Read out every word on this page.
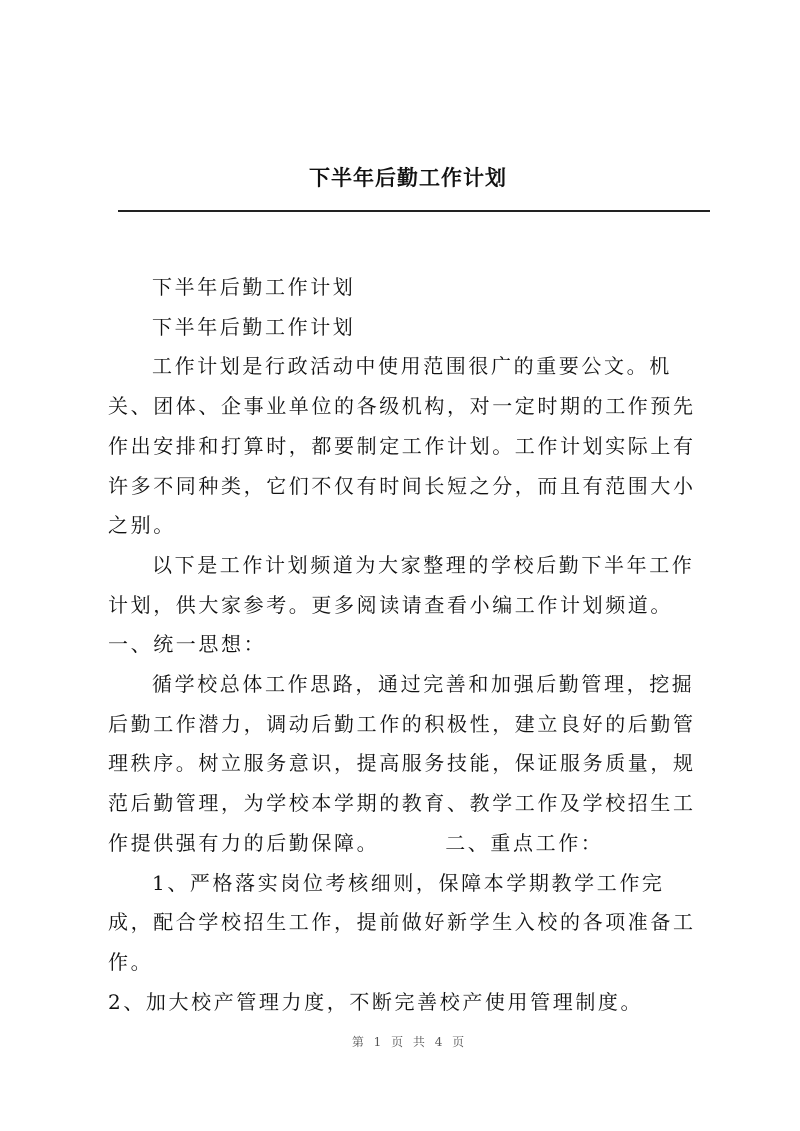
下半年后勤工作计划

下半年后勤工作计划

下半年后勤工作计划

工作计划是行政活动中使用范围很广的重要公文。机关、团体、企事业单位的各级机构，对一定时期的工作预先作出安排和打算时，都要制定工作计划。工作计划实际上有许多不同种类，它们不仅有时间长短之分，而且有范围大小之别。

以下是工作计划频道为大家整理的学校后勤下半年工作计划，供大家参考。更多阅读请查看小编工作计划频道。

一、统一思想：

循学校总体工作思路，通过完善和加强后勤管理，挖掘后勤工作潜力，调动后勤工作的积极性，建立良好的后勤管理秩序。树立服务意识，提高服务技能，保证服务质量，规范后勤管理，为学校本学期的教育、教学工作及学校招生工作提供强有力的后勤保障。	二、重点工作：

1、严格落实岗位考核细则，保障本学期教学工作完成，配合学校招生工作，提前做好新学生入校的各项准备工作。

2、加大校产管理力度，不断完善校产使用管理制度。

第 1 页 共 4 页
